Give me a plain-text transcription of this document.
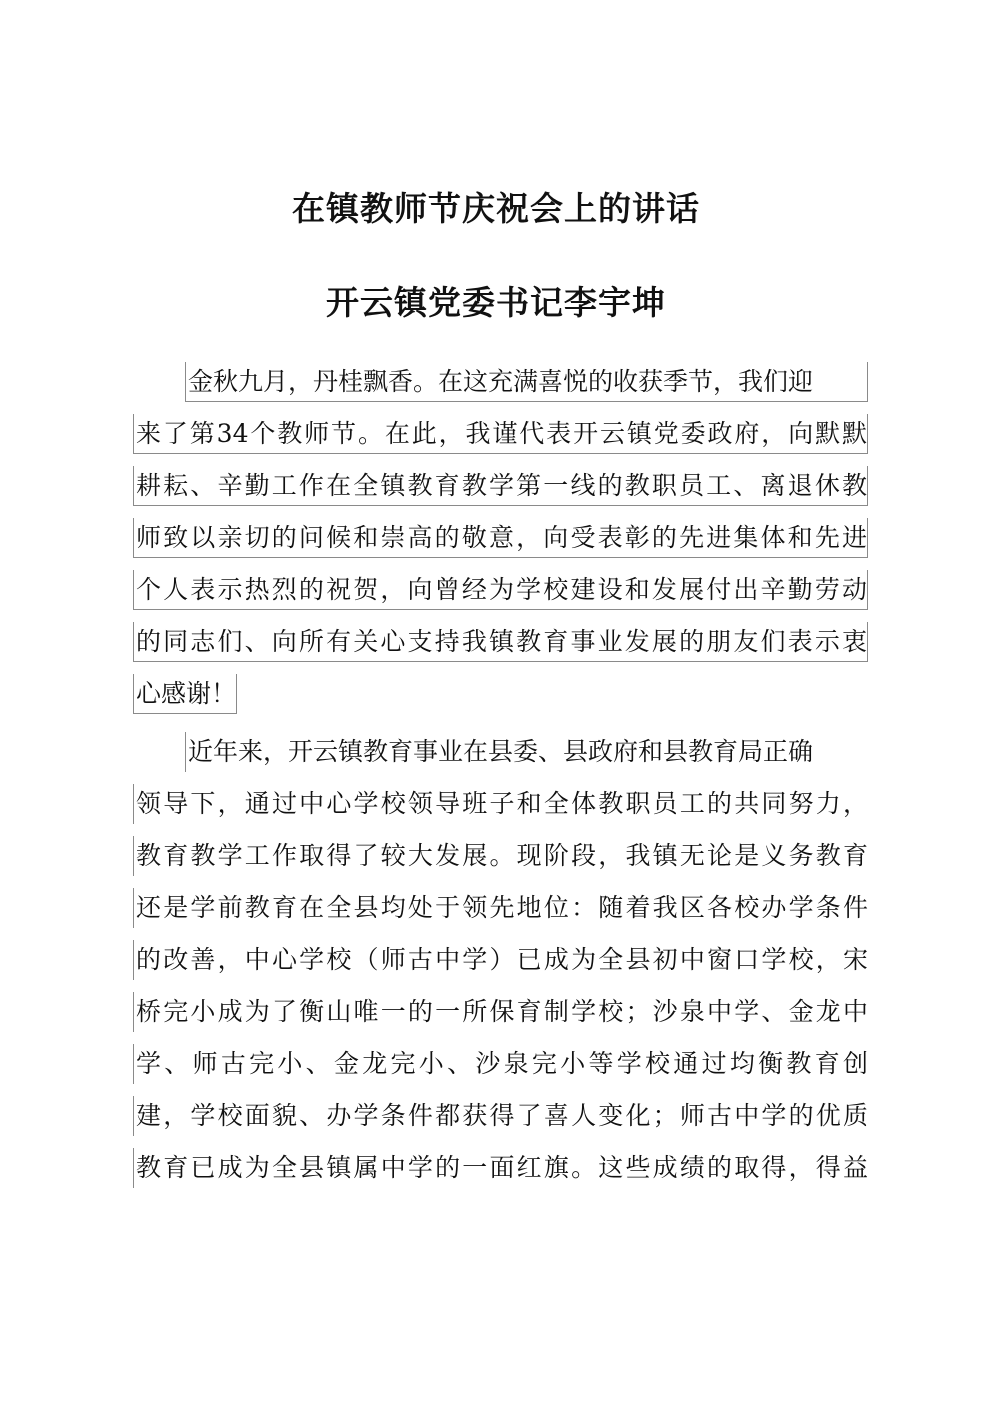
在镇教师节庆祝会上的讲话
开云镇党委书记李宇坤
金秋九月，丹桂飘香。在这充满喜悦的收获季节，我们迎
来了第34个教师节。在此，我谨代表开云镇党委政府，向默默
耕耘、辛勤工作在全镇教育教学第一线的教职员工、离退休教
师致以亲切的问候和崇高的敬意，向受表彰的先进集体和先进
个人表示热烈的祝贺，向曾经为学校建设和发展付出辛勤劳动
的同志们、向所有关心支持我镇教育事业发展的朋友们表示衷
心感谢！
近年来，开云镇教育事业在县委、县政府和县教育局正确
领导下，通过中心学校领导班子和全体教职员工的共同努力，
教育教学工作取得了较大发展。现阶段，我镇无论是义务教育
还是学前教育在全县均处于领先地位：随着我区各校办学条件
的改善，中心学校（师古中学）已成为全县初中窗口学校，宋
桥完小成为了衡山唯一的一所保育制学校；沙泉中学、金龙中
学、师古完小、金龙完小、沙泉完小等学校通过均衡教育创
建，学校面貌、办学条件都获得了喜人变化；师古中学的优质
教育已成为全县镇属中学的一面红旗。这些成绩的取得，得益
